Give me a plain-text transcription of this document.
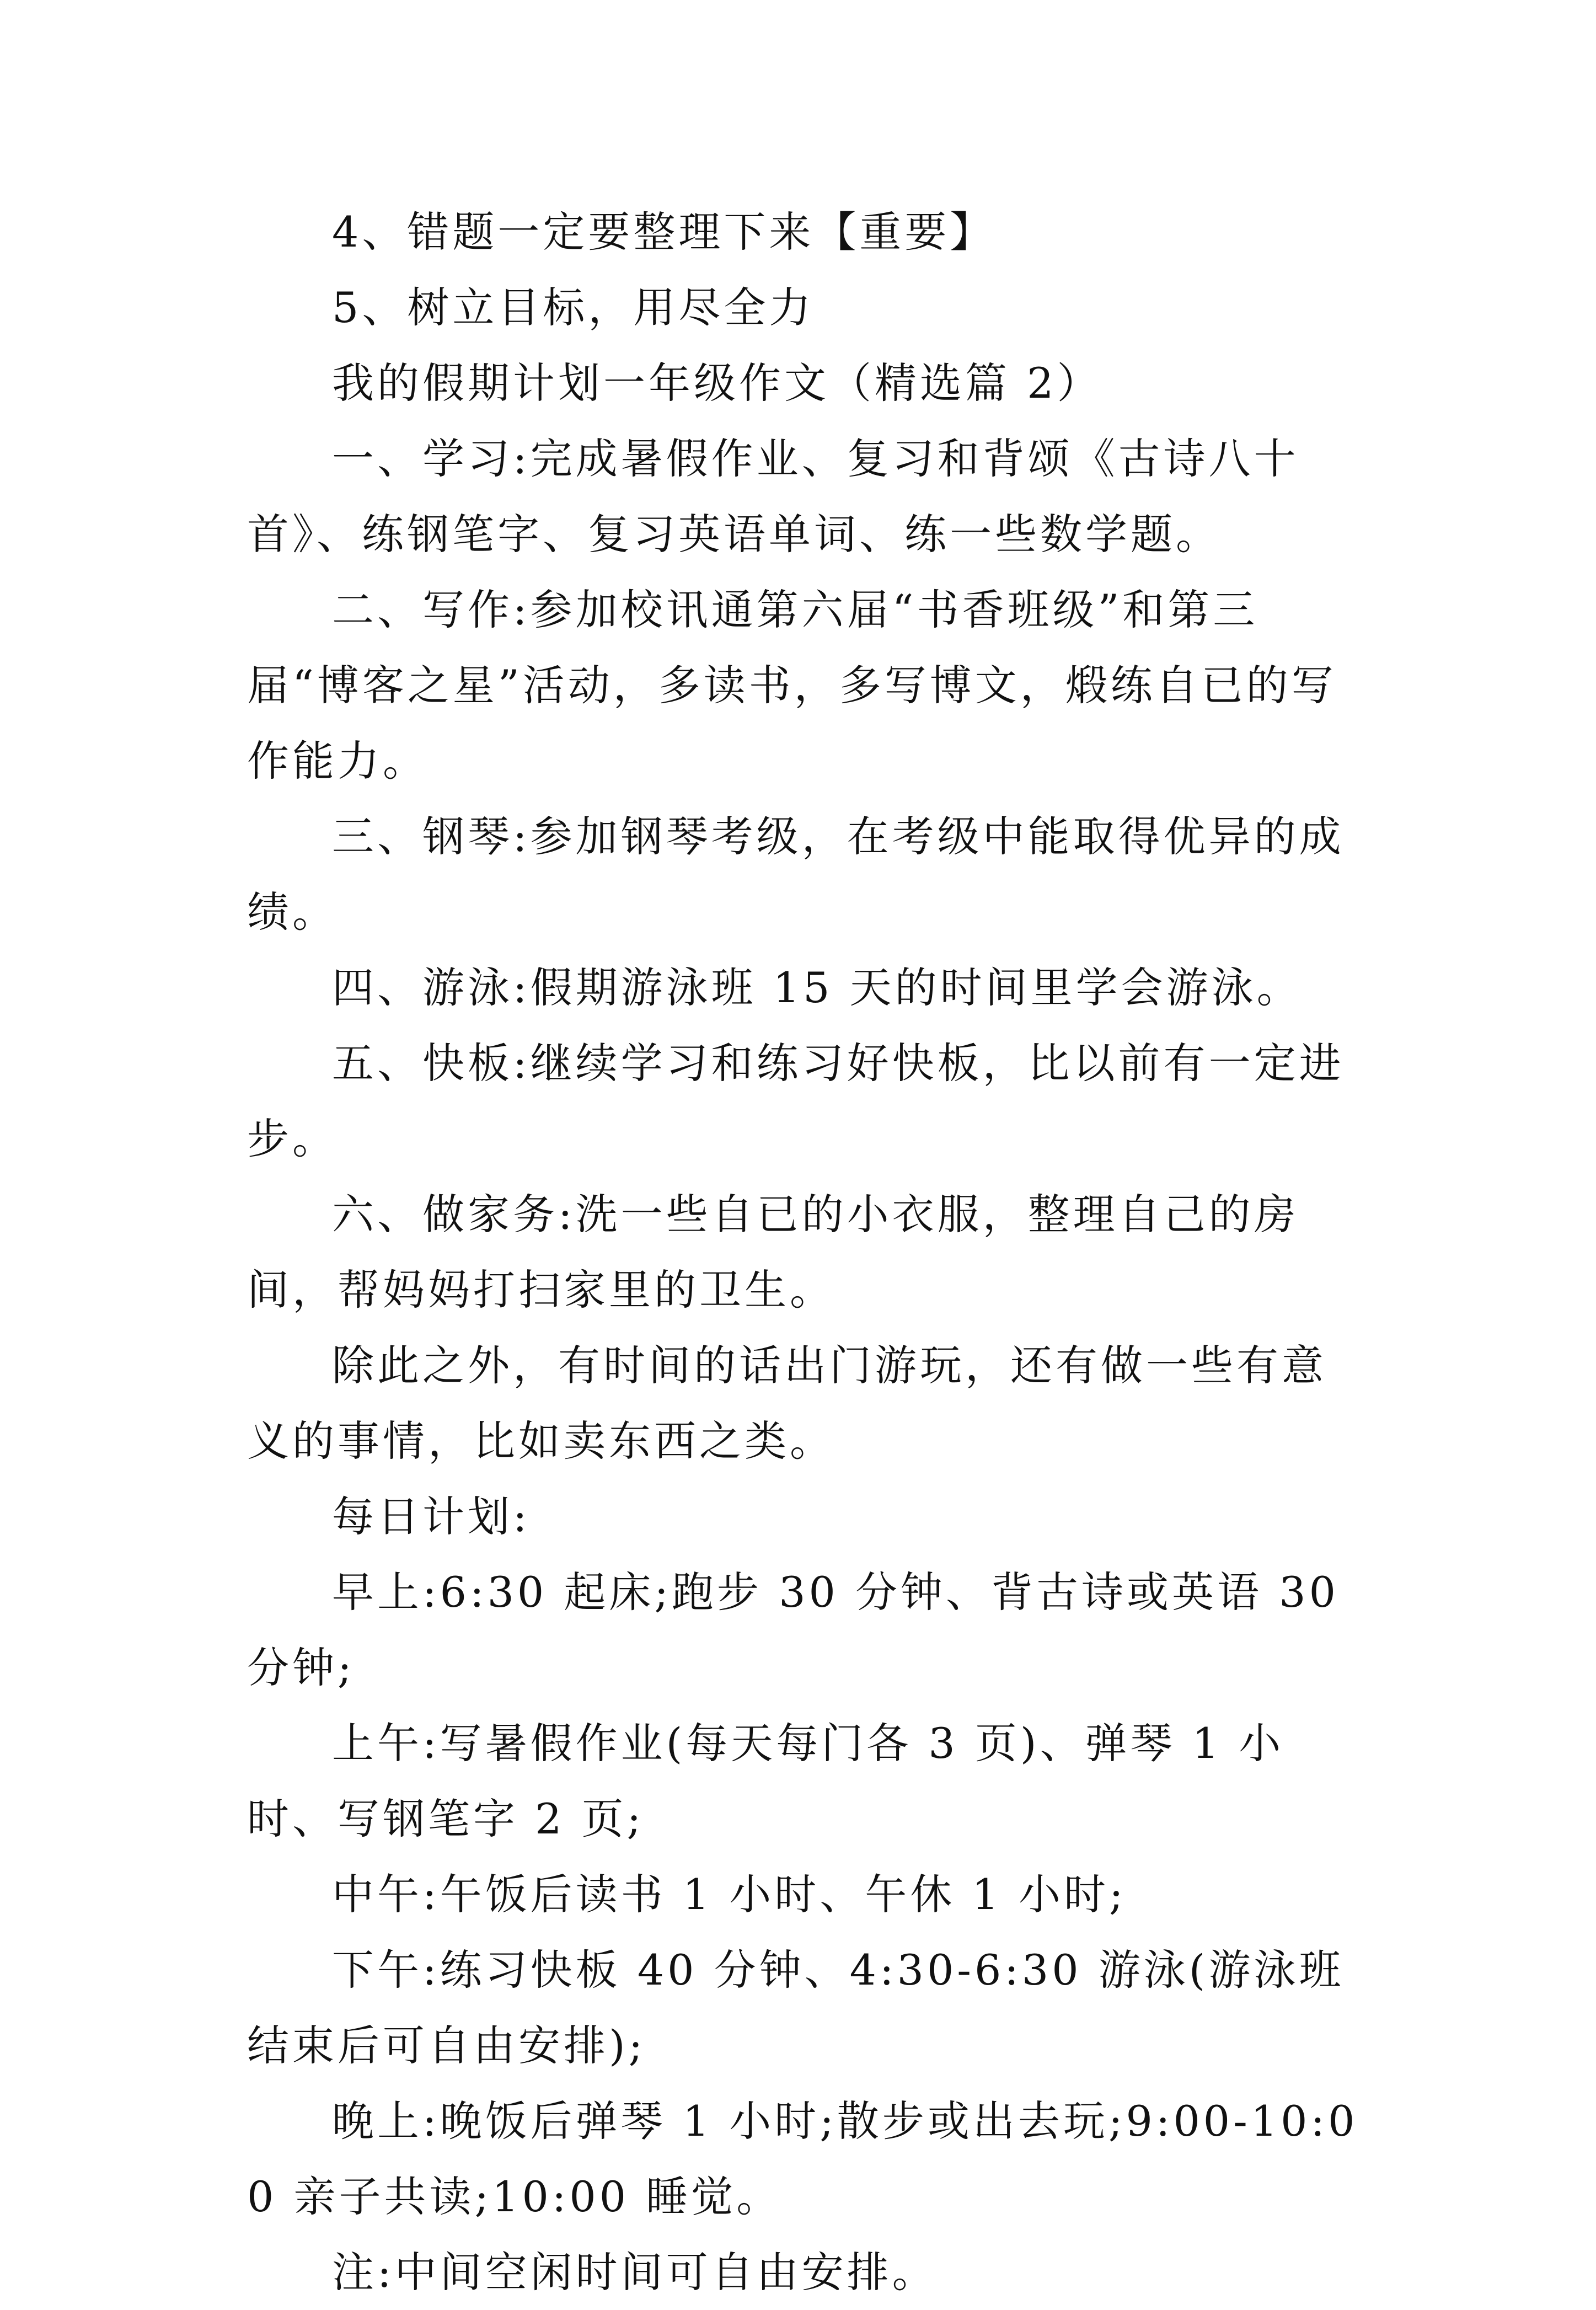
4、错题一定要整理下来【重要】

5、树立目标，用尽全力

我的假期计划一年级作文（精选篇 2）

一、学习:完成暑假作业、复习和背颂《古诗八十首》、练钢笔字、复习英语单词、练一些数学题。

二、写作:参加校讯通第六届“书香班级”和第三届“博客之星”活动，多读书，多写博文，煅练自已的写作能力。

三、钢琴:参加钢琴考级，在考级中能取得优异的成绩。

四、游泳:假期游泳班 15 天的时间里学会游泳。

五、快板:继续学习和练习好快板，比以前有一定进步。

六、做家务:洗一些自已的小衣服，整理自己的房间，帮妈妈打扫家里的卫生。

除此之外，有时间的话出门游玩，还有做一些有意义的事情，比如卖东西之类。

每日计划:

早上:6:30 起床;跑步 30 分钟、背古诗或英语 30 分钟;

上午:写暑假作业(每天每门各 3 页)、弹琴 1 小时、写钢笔字 2 页;

中午:午饭后读书 1 小时、午休 1 小时;

下午:练习快板 40 分钟、4:30-6:30 游泳(游泳班结束后可自由安排);

晚上:晚饭后弹琴 1 小时;散步或出去玩;9:00-10:00 亲子共读;10:00 睡觉。

注:中间空闲时间可自由安排。
